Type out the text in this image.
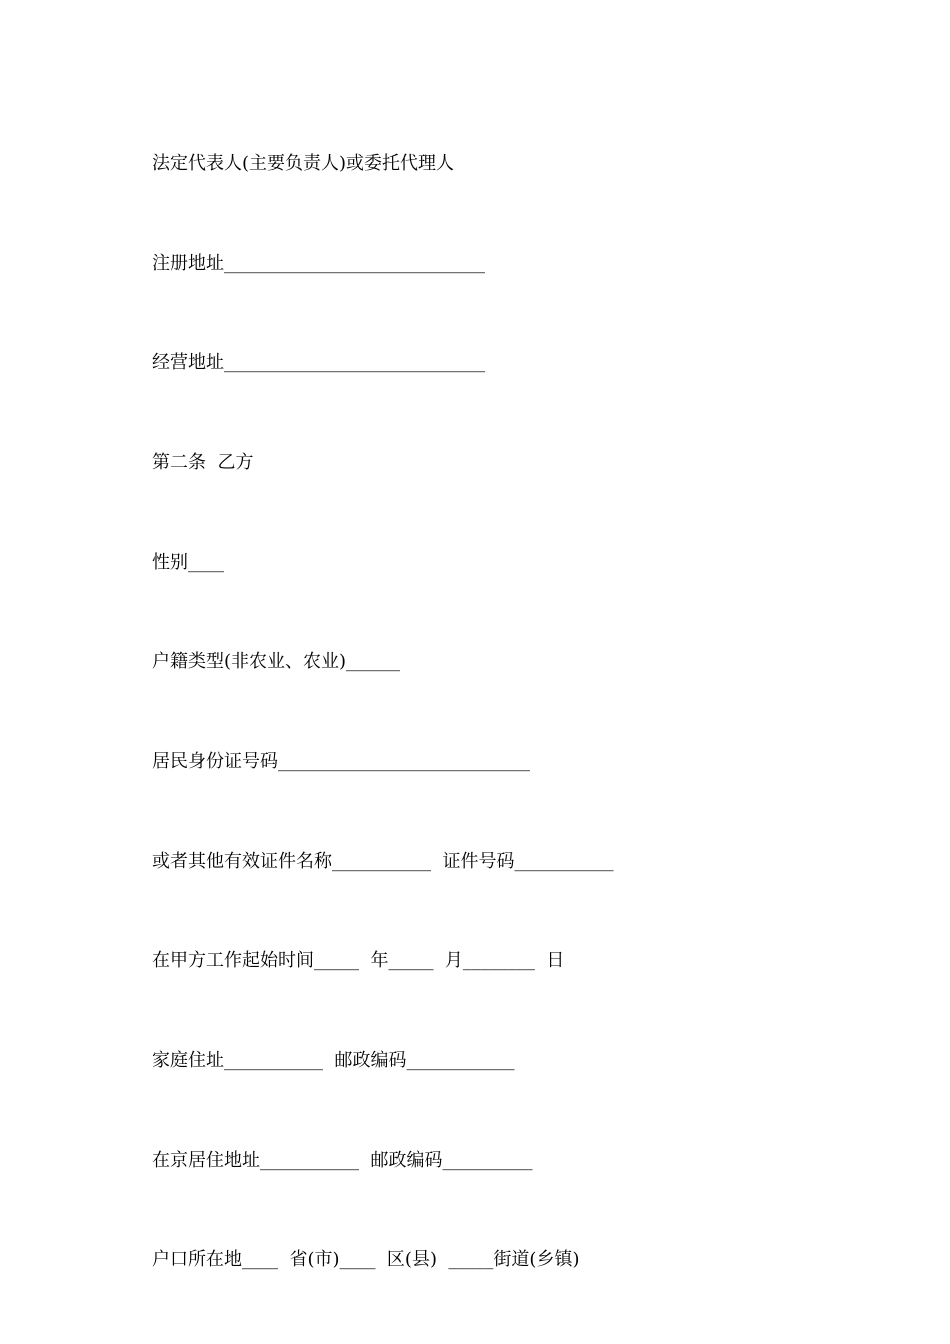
法定代表人(主要负责人)或委托代理人
注册地址_____________________________
经营地址_____________________________
第二条  乙方
性别____
户籍类型(非农业、农业)______
居民身份证号码____________________________
或者其他有效证件名称___________  证件号码___________
在甲方工作起始时间_____  年_____  月________  日
家庭住址___________  邮政编码____________
在京居住地址___________  邮政编码__________
户口所在地____  省(市)____  区(县)  _____街道(乡镇)
